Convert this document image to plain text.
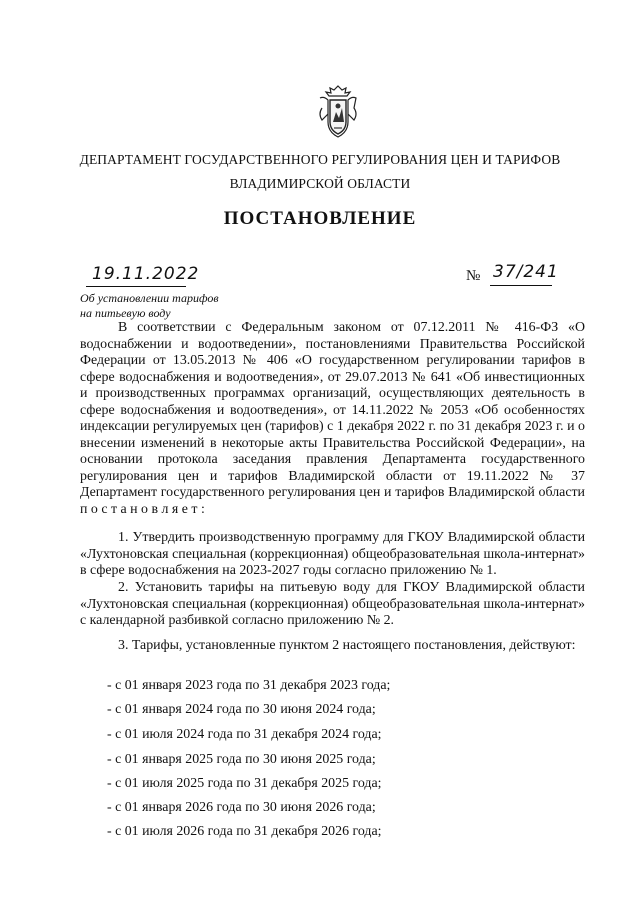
ДЕПАРТАМЕНТ ГОСУДАРСТВЕННОГО РЕГУЛИРОВАНИЯ ЦЕН И ТАРИФОВ
ВЛАДИМИРСКОЙ ОБЛАСТИ
ПОСТАНОВЛЕНИЕ
19.11.2022	№ 37/241
Об установлении тарифов
на питьевую воду

В соответствии с Федеральным законом от 07.12.2011 № 416-ФЗ «О водоснабжении и водоотведении», постановлениями Правительства Российской Федерации от 13.05.2013 № 406 «О государственном регулировании тарифов в сфере водоснабжения и водоотведения», от 29.07.2013 № 641 «Об инвестиционных и производственных программах организаций, осуществляющих деятельность в сфере водоснабжения и водоотведения», от 14.11.2022 № 2053 «Об особенностях индексации регулируемых цен (тарифов) с 1 декабря 2022 г. по 31 декабря 2023 г. и о внесении изменений в некоторые акты Правительства Российской Федерации», на основании протокола заседания правления Департамента государственного регулирования цен и тарифов Владимирской области от 19.11.2022 № 37 Департамент государственного регулирования цен и тарифов Владимирской области п о с т а н о в л я е т :

1. Утвердить производственную программу для ГКОУ Владимирской области «Лухтоновская специальная (коррекционная) общеобразовательная школа-интернат» в сфере водоснабжения на 2023-2027 годы согласно приложению № 1.

2. Установить тарифы на питьевую воду для ГКОУ Владимирской области «Лухтоновская специальная (коррекционная) общеобразовательная школа-интернат» с календарной разбивкой согласно приложению № 2.

3. Тарифы, установленные пунктом 2 настоящего постановления, действуют:

- с 01 января 2023 года по 31 декабря 2023 года;
- с 01 января 2024 года по 30 июня 2024 года;
- с 01 июля 2024 года по 31 декабря 2024 года;
- с 01 января 2025 года по 30 июня 2025 года;
- с 01 июля 2025 года по 31 декабря 2025 года;
- с 01 января 2026 года по 30 июня 2026 года;
- с 01 июля 2026 года по 31 декабря 2026 года;
